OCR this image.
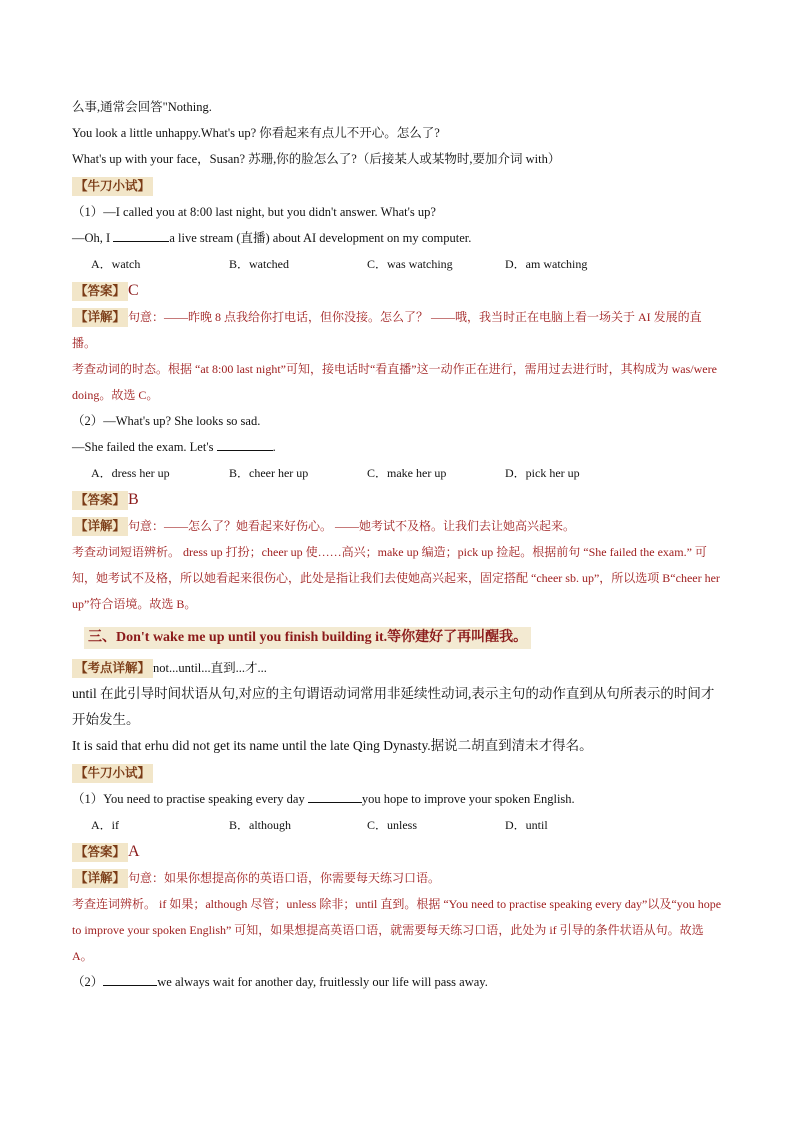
么事,通常会回答"Nothing.
You look a little unhappy.What's up? 你看起来有点儿不开心。怎么了?
What's up with your face，Susan? 苏珊,你的脸怎么了?（后接某人或某物时,要加介词 with）
【牛刀小试】
（1）—I called you at 8:00 last night, but you didn't answer. What's up?
—Oh, I	a live stream (直播) about AI development on my computer.
A．watch	B．watched	C．was watching	D．am watching
【答案】 C
【详解】 句意：——昨晚 8 点我给你打电话，但你没接。怎么了？ ——哦，我当时正在电脑上看一场关于 AI 发展的直播。
考查动词的时态。根据 “at 8:00 last night”可知，接电话时“看直播”这一动作正在进行，需用过去进行时，其构成为 was/were doing。故选 C。
（2）—What's up? She looks so sad.
—She failed the exam. Let's	.
A．dress her up	B．cheer her up	C．make her up	D．pick her up
【答案】 B
【详解】 句意：——怎么了？她看起来好伤心。 ——她考试不及格。让我们去让她高兴起来。
考查动词短语辨析。 dress up 打扮；cheer up 使……高兴；make up 编造；pick up 捡起。根据前句 “She failed the exam.” 可知，她考试不及格，所以她看起来很伤心，此处是指让我们去使她高兴起来，固定搭配 “cheer sb. up”，所以选项 B“cheer her up”符合语境。故选 B。
三、Don't wake me up until you finish building it.等你建好了再叫醒我。
【考点详解】 not...until...直到...才...
until 在此引导时间状语从句,对应的主句谓语动词常用非延续性动词,表示主句的动作直到从句所表示的时间才开始发生。
It is said that erhu did not get its name until the late Qing Dynasty.据说二胡直到清末才得名。
【牛刀小试】
（1）You need to practise speaking every day	you hope to improve your spoken English.
A．if	B．although	C．unless	D．until
【答案】 A
【详解】 句意：如果你想提高你的英语口语，你需要每天练习口语。
考查连词辨析。 if 如果；although 尽管；unless 除非；until 直到。根据 “You need to practise speaking every day”以及“you hope to improve your spoken English” 可知，如果想提高英语口语，就需要每天练习口语，此处为 if 引导的条件状语从句。故选 A。
（2）	we always wait for another day, fruitlessly our life will pass away.
